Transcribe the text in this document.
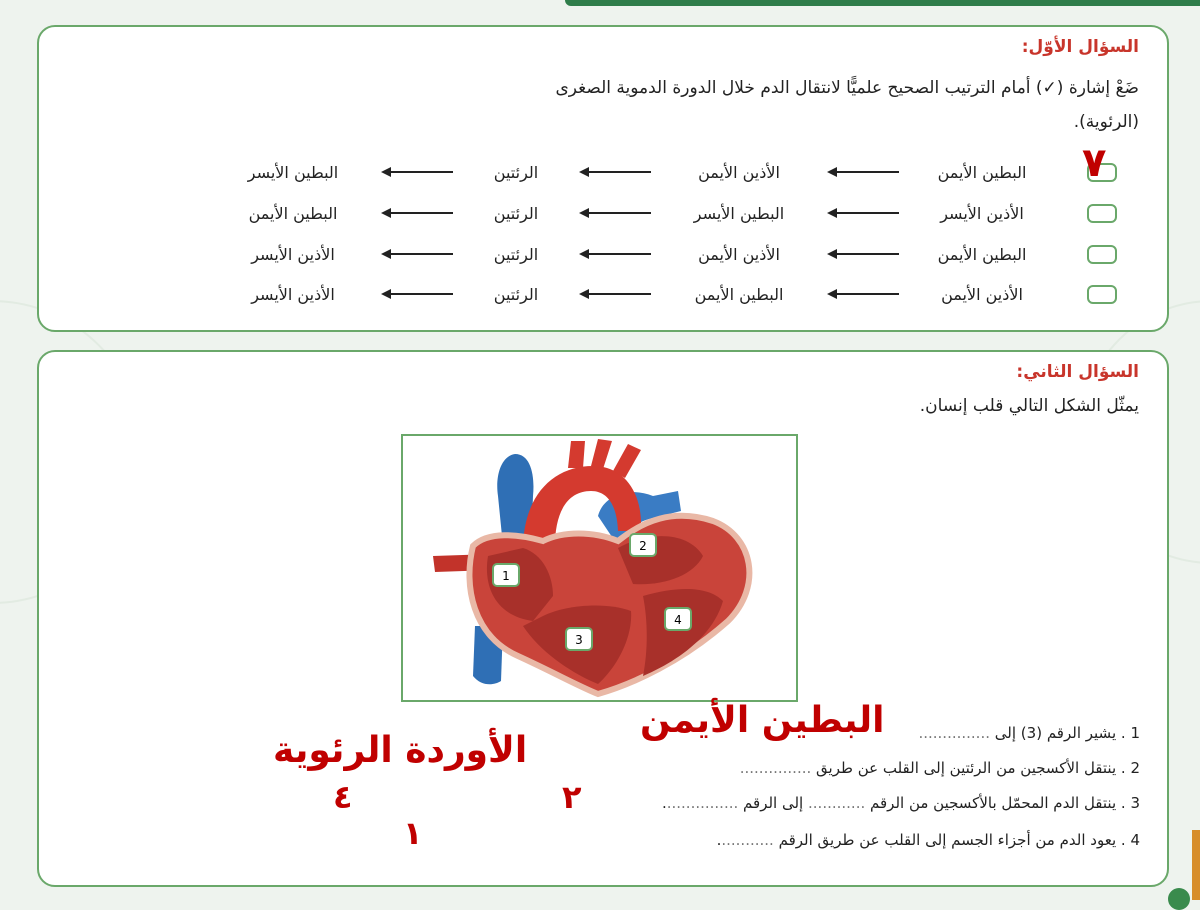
السؤال الأوّل:
ضَعْ إشارة (✓) أمام الترتيب الصحيح علميًّا لانتقال الدم خلال الدورة الدموية الصغرى
(الرئوية).
البطين الأيمن
الأذين الأيمن
الرئتين
البطين الأيسر
الأذين الأيسر
البطين الأيسر
الرئتين
البطين الأيمن
البطين الأيمن
الأذين الأيمن
الرئتين
الأذين الأيسر
الأذين الأيمن
البطين الأيمن
الرئتين
الأذين الأيسر
٧
السؤال الثاني:
يمثّل الشكل التالي قلب إنسان.
1
2
3
4
1 . يشير الرقم (3) إلى ...............
2 . ينتقل الأكسجين من الرئتين إلى القلب عن طريق ...............
3 . ينتقل الدم المحمّل بالأكسجين من الرقم ............ إلى الرقم ................
4 . يعود الدم من أجزاء الجسم إلى القلب عن طريق الرقم ............
البطين الأيمن
الأوردة الرئوية
٢
٤
١
